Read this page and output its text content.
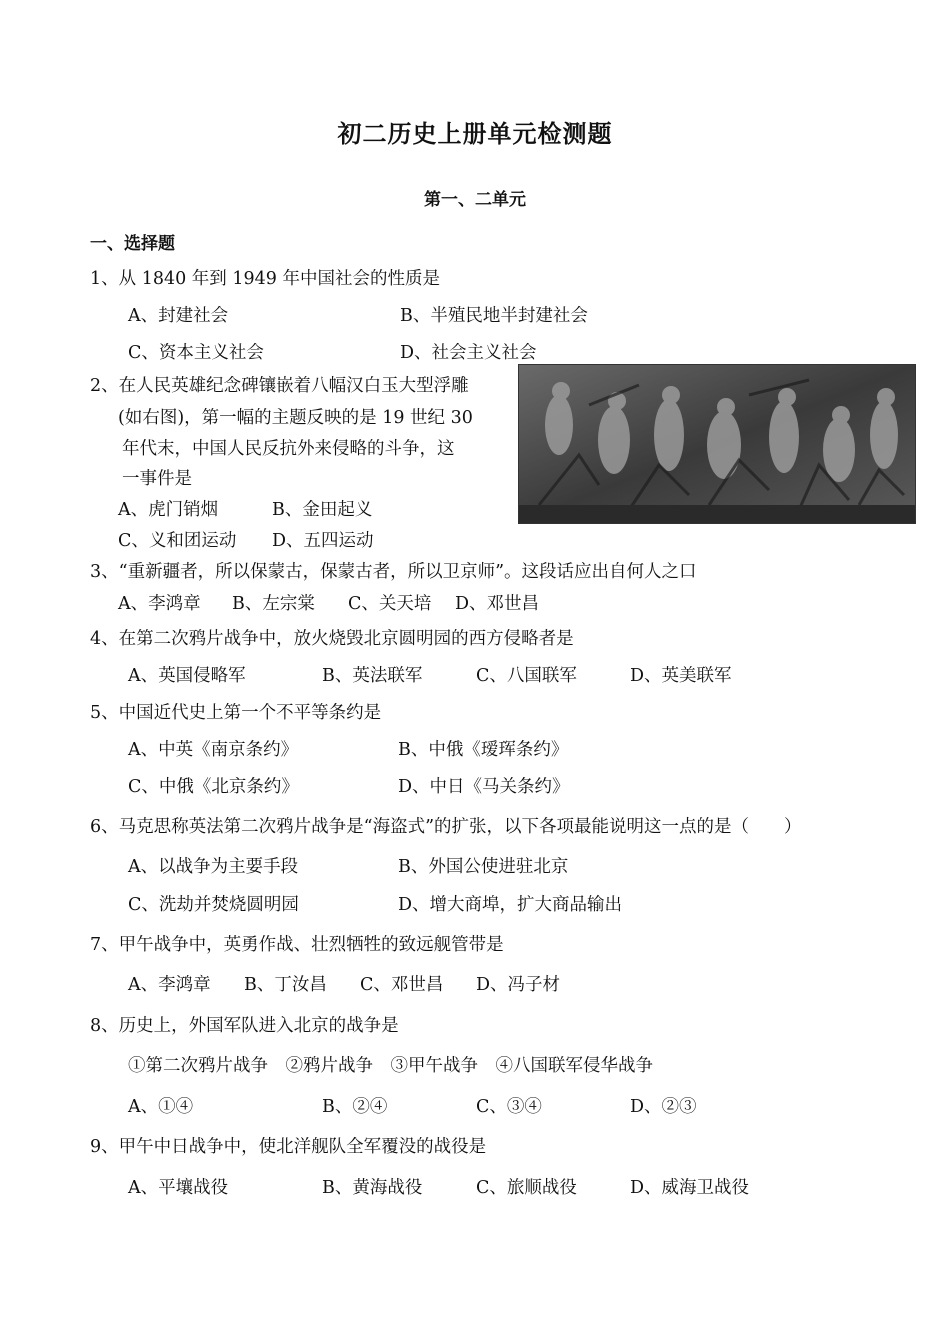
初二历史上册单元检测题
第一、二单元
一、选择题
1、从 1840 年到 1949 年中国社会的性质是
A、封建社会	B、半殖民地半封建社会
C、资本主义社会	D、社会主义社会
2、在人民英雄纪念碑镶嵌着八幅汉白玉大型浮雕
(如右图)，第一幅的主题反映的是 19 世纪 30
年代末，中国人民反抗外来侵略的斗争，这
一事件是
A、虎门销烟	B、金田起义
C、义和团运动 D、五四运动
3、“重新疆者，所以保蒙古，保蒙古者，所以卫京师”。这段话应出自何人之口
A、李鸿章 B、左宗棠 C、关天培 D、邓世昌
4、在第二次鸦片战争中，放火烧毁北京圆明园的西方侵略者是
A、英国侵略军	B、英法联军	C、八国联军	D、英美联军
5、中国近代史上第一个不平等条约是
A、中英《南京条约》	B、中俄《瑷珲条约》
C、中俄《北京条约》	D、中日《马关条约》
6、马克思称英法第二次鸦片战争是“海盗式”的扩张，以下各项最能说明这一点的是（　　）
A、以战争为主要手段	B、外国公使进驻北京
C、洗劫并焚烧圆明园	D、增大商埠，扩大商品输出
7、甲午战争中，英勇作战、壮烈牺牲的致远舰管带是
A、李鸿章 B、丁汝昌 C、邓世昌 D、冯子材
8、历史上，外国军队进入北京的战争是
①第二次鸦片战争　②鸦片战争　③甲午战争　④八国联军侵华战争
A、①④	B、②④	C、③④	D、②③
9、甲午中日战争中，使北洋舰队全军覆没的战役是
A、平壤战役	B、黄海战役	C、旅顺战役	D、威海卫战役
